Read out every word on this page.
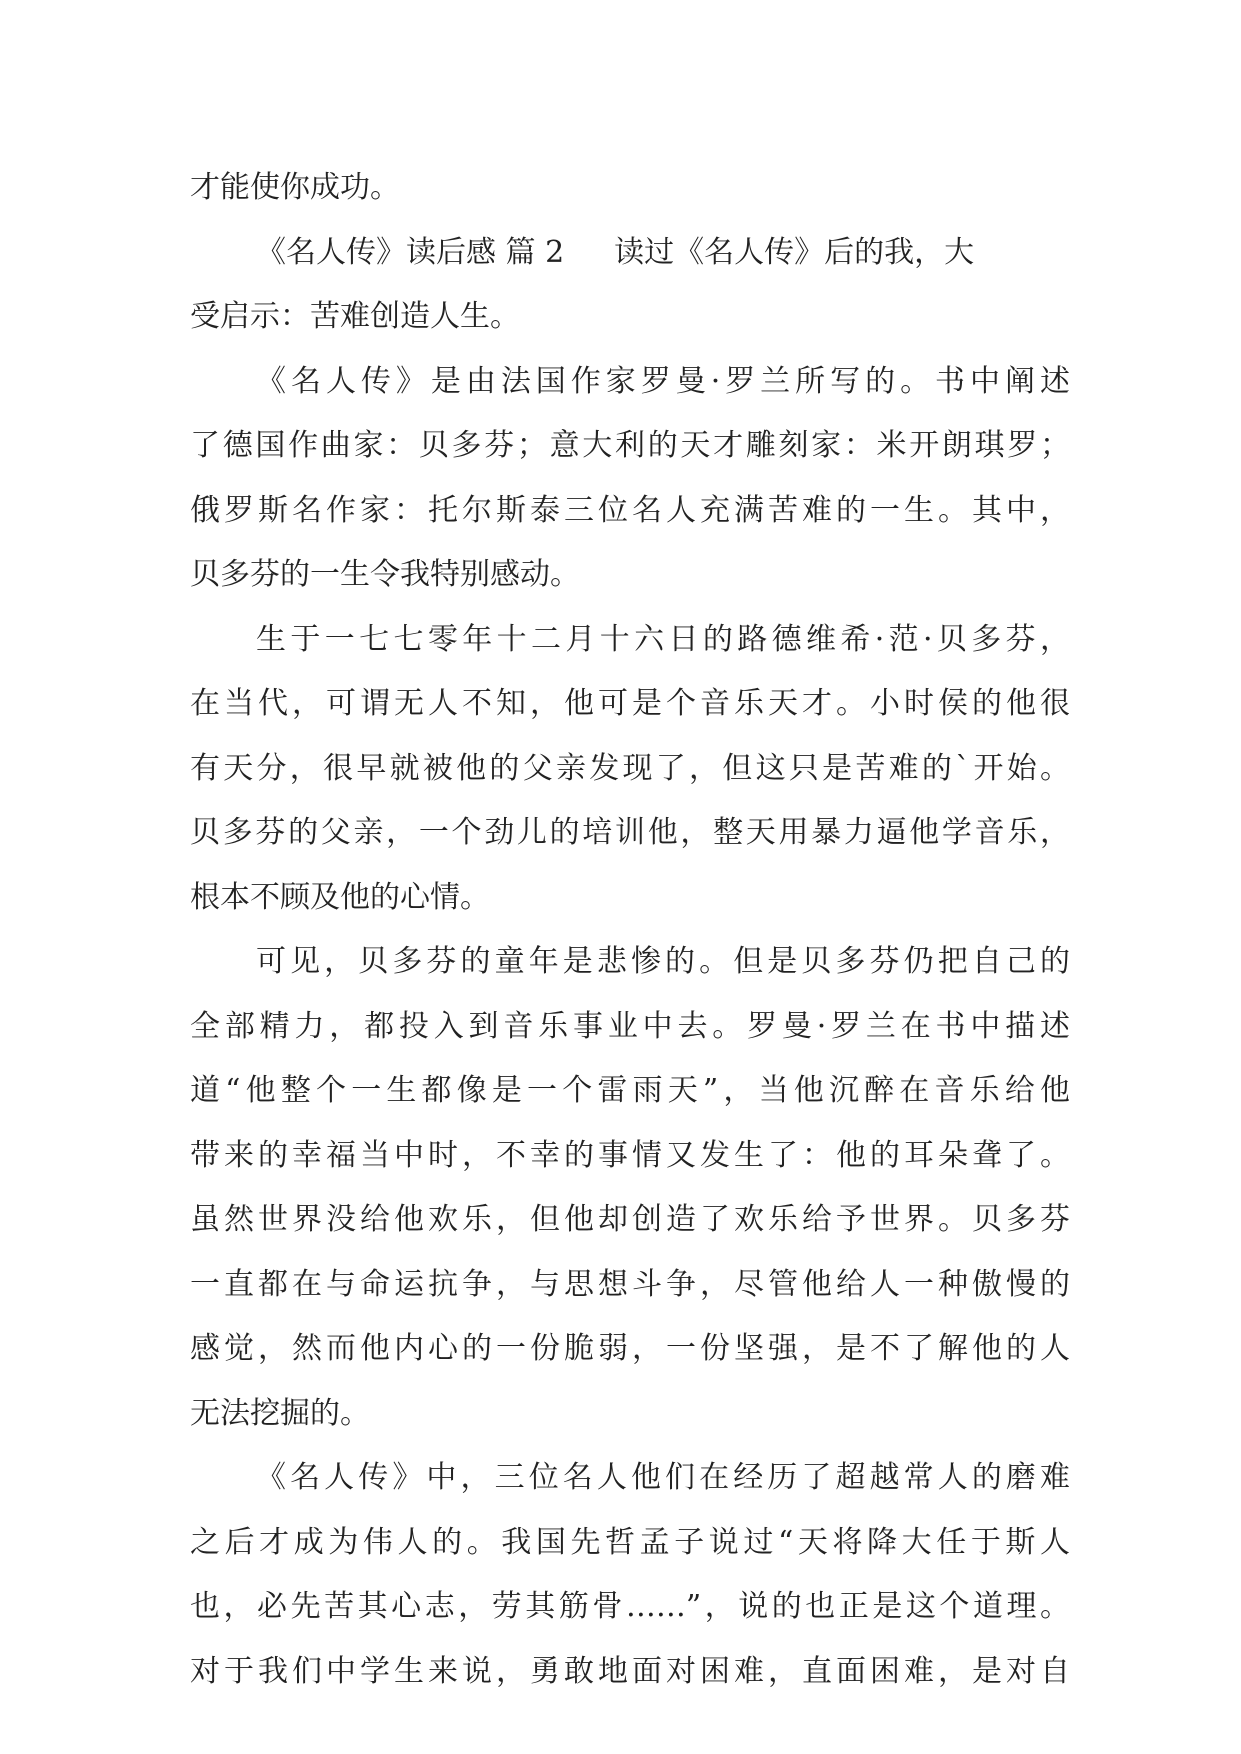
才能使你成功。
《名人传》读后感 篇 2 读过《名人传》后的我，大
受启示：苦难创造人生。
《名人传》是由法国作家罗曼·罗兰所写的。书中阐述
了德国作曲家：贝多芬；意大利的天才雕刻家：米开朗琪罗；
俄罗斯名作家：托尔斯泰三位名人充满苦难的一生。其中，
贝多芬的一生令我特别感动。
生于一七七零年十二月十六日的路德维希·范·贝多芬，
在当代，可谓无人不知，他可是个音乐天才。小时侯的他很
有天分，很早就被他的父亲发现了，但这只是苦难的`开始。
贝多芬的父亲，一个劲儿的培训他，整天用暴力逼他学音乐，
根本不顾及他的心情。
可见，贝多芬的童年是悲惨的。但是贝多芬仍把自己的
全部精力，都投入到音乐事业中去。罗曼·罗兰在书中描述
道“他整个一生都像是一个雷雨天”，当他沉醉在音乐给他
带来的幸福当中时，不幸的事情又发生了：他的耳朵聋了。
虽然世界没给他欢乐，但他却创造了欢乐给予世界。贝多芬
一直都在与命运抗争，与思想斗争，尽管他给人一种傲慢的
感觉，然而他内心的一份脆弱，一份坚强，是不了解他的人
无法挖掘的。
《名人传》中，三位名人他们在经历了超越常人的磨难
之后才成为伟人的。我国先哲孟子说过“天将降大任于斯人
也，必先苦其心志，劳其筋骨……”，说的也正是这个道理。
对于我们中学生来说，勇敢地面对困难，直面困难，是对自
